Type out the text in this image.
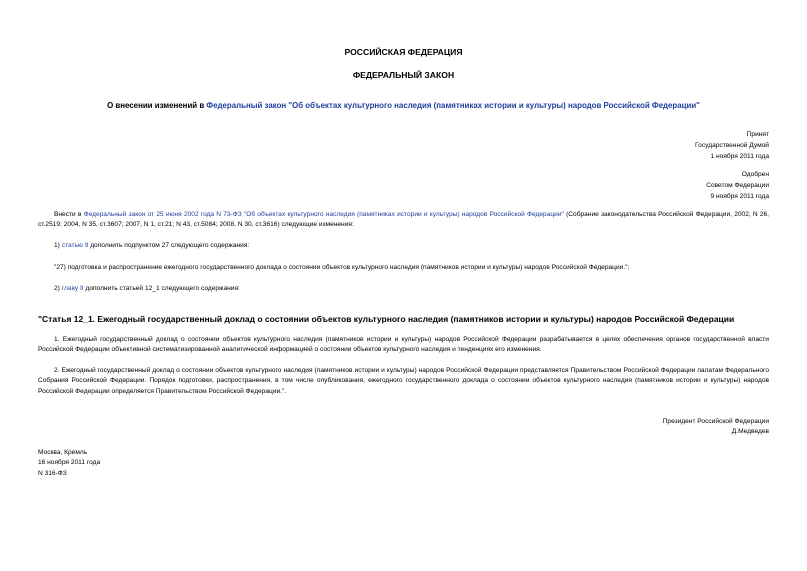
РОССИЙСКАЯ ФЕДЕРАЦИЯ
ФЕДЕРАЛЬНЫЙ ЗАКОН
О внесении изменений в Федеральный закон "Об объектах культурного наследия (памятниках истории и культуры) народов Российской Федерации"
Принят
Государственной Думой
1 ноября 2011 года
Одобрен
Советом Федерации
9 ноября 2011 года
Внести в Федеральный закон от 25 июня 2002 года N 73-ФЗ "Об объектах культурного наследия (памятниках истории и культуры) народов Российской Федерации" (Собрание законодательства Российской Федерации, 2002, N 26, ст.2519; 2004, N 35, ст.3607; 2007, N 1, ст.21; N 43, ст.5084; 2008, N 30, ст.3616) следующие изменения:
1) статью 9 дополнить подпунктом 27 следующего содержания:
"27) подготовка и распространение ежегодного государственного доклада о состоянии объектов культурного наследия (памятников истории и культуры) народов Российской Федерации.";
2) главу II дополнить статьей 12_1 следующего содержания:
"Статья 12_1. Ежегодный государственный доклад о состоянии объектов культурного наследия (памятников истории и культуры) народов Российской Федерации
1. Ежегодный государственный доклад о состоянии объектов культурного наследия (памятников истории и культуры) народов Российской Федерации разрабатывается в целях обеспечения органов государственной власти Российской Федерации объективной систематизированной аналитической информацией о состоянии объектов культурного наследия и тенденциях его изменения.
2. Ежегодный государственный доклад о состоянии объектов культурного наследия (памятников истории и культуры) народов Российской Федерации представляется Правительством Российской Федерации палатам Федерального Собрания Российской Федерации. Порядок подготовки, распространения, в том числе опубликования, ежегодного государственного доклада о состоянии объектов культурного наследия (памятников истории и культуры) народов Российской Федерации определяется Правительством Российской Федерации.".
Президент Российской Федерации
Д.Медведев
Москва, Кремль
16 ноября 2011 года
N 316-ФЗ
